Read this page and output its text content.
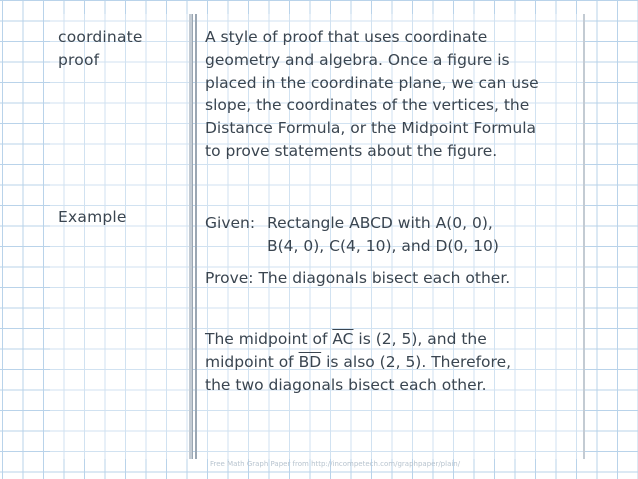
coordinate
proof

Example

A style of proof that uses coordinate
geometry and algebra. Once a figure is
placed in the coordinate plane, we can use
slope, the coordinates of the vertices, the
Distance Formula, or the Midpoint Formula
to prove statements about the figure.

Given: Rectangle ABCD with A(0, 0),
B(4, 0), C(4, 10), and D(0, 10)

Prove: The diagonals bisect each other.

The midpoint of $\overline{AC}$ is (2, 5), and the
midpoint of $\overline{BD}$ is also (2, 5). Therefore,
the two diagonals bisect each other.

Free Math Graph Paper from http://incompetech.com/graphpaper/plain/
